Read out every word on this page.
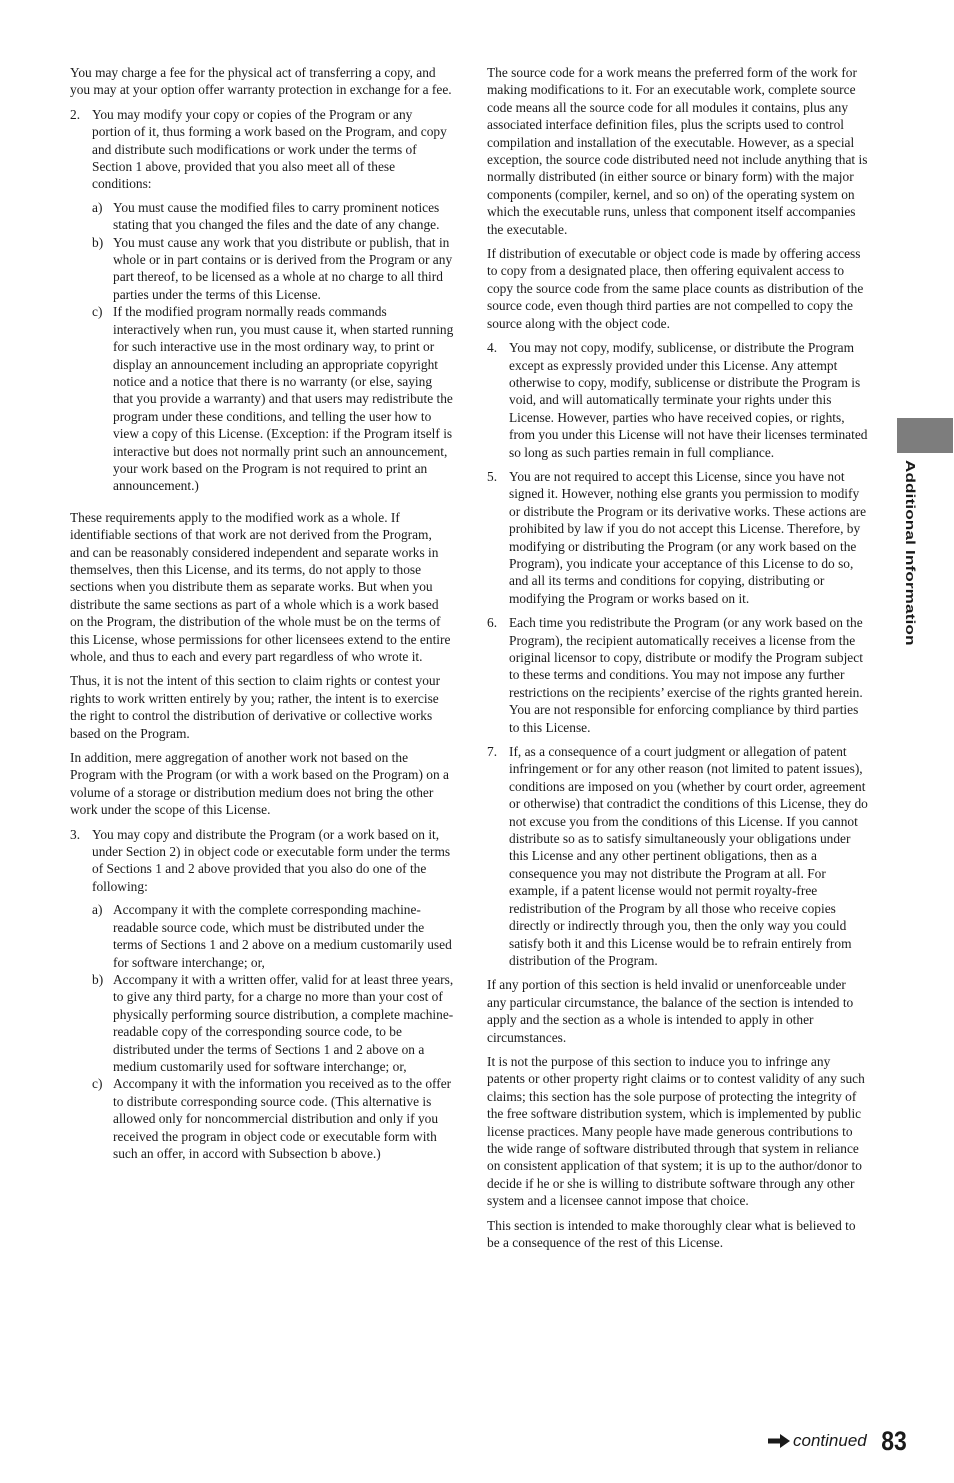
You may charge a fee for the physical act of transferring a copy, and you may at your option offer warranty protection in exchange for a fee.

2. You may modify your copy or copies of the Program or any portion of it, thus forming a work based on the Program, and copy and distribute such modifications or work under the terms of Section 1 above, provided that you also meet all of these conditions:

a) You must cause the modified files to carry prominent notices stating that you changed the files and the date of any change.
b) You must cause any work that you distribute or publish, that in whole or in part contains or is derived from the Program or any part thereof, to be licensed as a whole at no charge to all third parties under the terms of this License.
c) If the modified program normally reads commands interactively when run, you must cause it, when started running for such interactive use in the most ordinary way, to print or display an announcement including an appropriate copyright notice and a notice that there is no warranty (or else, saying that you provide a warranty) and that users may redistribute the program under these conditions, and telling the user how to view a copy of this License. (Exception: if the Program itself is interactive but does not normally print such an announcement, your work based on the Program is not required to print an announcement.)

These requirements apply to the modified work as a whole. If identifiable sections of that work are not derived from the Program, and can be reasonably considered independent and separate works in themselves, then this License, and its terms, do not apply to those sections when you distribute them as separate works. But when you distribute the same sections as part of a whole which is a work based on the Program, the distribution of the whole must be on the terms of this License, whose permissions for other licensees extend to the entire whole, and thus to each and every part regardless of who wrote it.

Thus, it is not the intent of this section to claim rights or contest your rights to work written entirely by you; rather, the intent is to exercise the right to control the distribution of derivative or collective works based on the Program.

In addition, mere aggregation of another work not based on the Program with the Program (or with a work based on the Program) on a volume of a storage or distribution medium does not bring the other work under the scope of this License.

3. You may copy and distribute the Program (or a work based on it, under Section 2) in object code or executable form under the terms of Sections 1 and 2 above provided that you also do one of the following:

a) Accompany it with the complete corresponding machine-readable source code, which must be distributed under the terms of Sections 1 and 2 above on a medium customarily used for software interchange; or,
b) Accompany it with a written offer, valid for at least three years, to give any third party, for a charge no more than your cost of physically performing source distribution, a complete machine-readable copy of the corresponding source code, to be distributed under the terms of Sections 1 and 2 above on a medium customarily used for software interchange; or,
c) Accompany it with the information you received as to the offer to distribute corresponding source code. (This alternative is allowed only for noncommercial distribution and only if you received the program in object code or executable form with such an offer, in accord with Subsection b above.)

The source code for a work means the preferred form of the work for making modifications to it. For an executable work, complete source code means all the source code for all modules it contains, plus any associated interface definition files, plus the scripts used to control compilation and installation of the executable. However, as a special exception, the source code distributed need not include anything that is normally distributed (in either source or binary form) with the major components (compiler, kernel, and so on) of the operating system on which the executable runs, unless that component itself accompanies the executable.

If distribution of executable or object code is made by offering access to copy from a designated place, then offering equivalent access to copy the source code from the same place counts as distribution of the source code, even though third parties are not compelled to copy the source along with the object code.

4. You may not copy, modify, sublicense, or distribute the Program except as expressly provided under this License. Any attempt otherwise to copy, modify, sublicense or distribute the Program is void, and will automatically terminate your rights under this License. However, parties who have received copies, or rights, from you under this License will not have their licenses terminated so long as such parties remain in full compliance.
5. You are not required to accept this License, since you have not signed it. However, nothing else grants you permission to modify or distribute the Program or its derivative works. These actions are prohibited by law if you do not accept this License. Therefore, by modifying or distributing the Program (or any work based on the Program), you indicate your acceptance of this License to do so, and all its terms and conditions for copying, distributing or modifying the Program or works based on it.
6. Each time you redistribute the Program (or any work based on the Program), the recipient automatically receives a license from the original licensor to copy, distribute or modify the Program subject to these terms and conditions. You may not impose any further restrictions on the recipients’ exercise of the rights granted herein. You are not responsible for enforcing compliance by third parties to this License.
7. If, as a consequence of a court judgment or allegation of patent infringement or for any other reason (not limited to patent issues), conditions are imposed on you (whether by court order, agreement or otherwise) that contradict the conditions of this License, they do not excuse you from the conditions of this License. If you cannot distribute so as to satisfy simultaneously your obligations under this License and any other pertinent obligations, then as a consequence you may not distribute the Program at all. For example, if a patent license would not permit royalty-free redistribution of the Program by all those who receive copies directly or indirectly through you, then the only way you could satisfy both it and this License would be to refrain entirely from distribution of the Program.

If any portion of this section is held invalid or unenforceable under any particular circumstance, the balance of the section is intended to apply and the section as a whole is intended to apply in other circumstances.

It is not the purpose of this section to induce you to infringe any patents or other property right claims or to contest validity of any such claims; this section has the sole purpose of protecting the integrity of the free software distribution system, which is implemented by public license practices. Many people have made generous contributions to the wide range of software distributed through that system in reliance on consistent application of that system; it is up to the author/donor to decide if he or she is willing to distribute software through any other system and a licensee cannot impose that choice.

This section is intended to make thoroughly clear what is believed to be a consequence of the rest of this License.

Additional Information
continued 83
